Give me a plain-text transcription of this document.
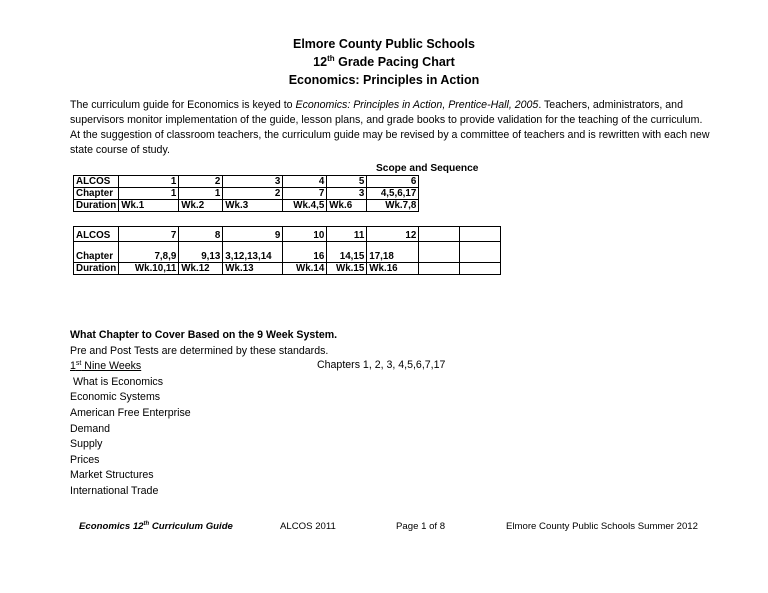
Elmore County Public Schools
12th Grade Pacing Chart
Economics: Principles in Action
The curriculum guide for Economics is keyed to Economics: Principles in Action, Prentice-Hall, 2005. Teachers, administrators, and supervisors monitor implementation of the guide, lesson plans, and grade books to provide validation for the teaching of the curriculum. At the suggestion of classroom teachers, the curriculum guide may be revised by a committee of teachers and is rewritten with each new state course of study.
Scope and Sequence
ALCOS	1	2	3	4	5	6
Chapter	1	1	2	7	3	4,5,6,17
Duration	Wk.1	Wk.2	Wk.3	Wk.4,5	Wk.6	Wk.7,8
ALCOS	7	8	9	10	11	12		
Chapter	7,8,9	9,13	3,12,13,14	16	14,15	17,18		
Duration	Wk.10,11	Wk.12	Wk.13	Wk.14	Wk.15	Wk.16		
What Chapter to Cover Based on the 9 Week System.
Pre and Post Tests are determined by these standards.
1st Nine Weeks
What is Economics
Economic Systems
American Free Enterprise
Demand
Supply
Prices
Market Structures
International Trade
Chapters 1, 2, 3, 4,5,6,7,17
Economics 12th Curriculum Guide	ALCOS 2011	Page 1 of 8	Elmore County Public Schools Summer 2012
